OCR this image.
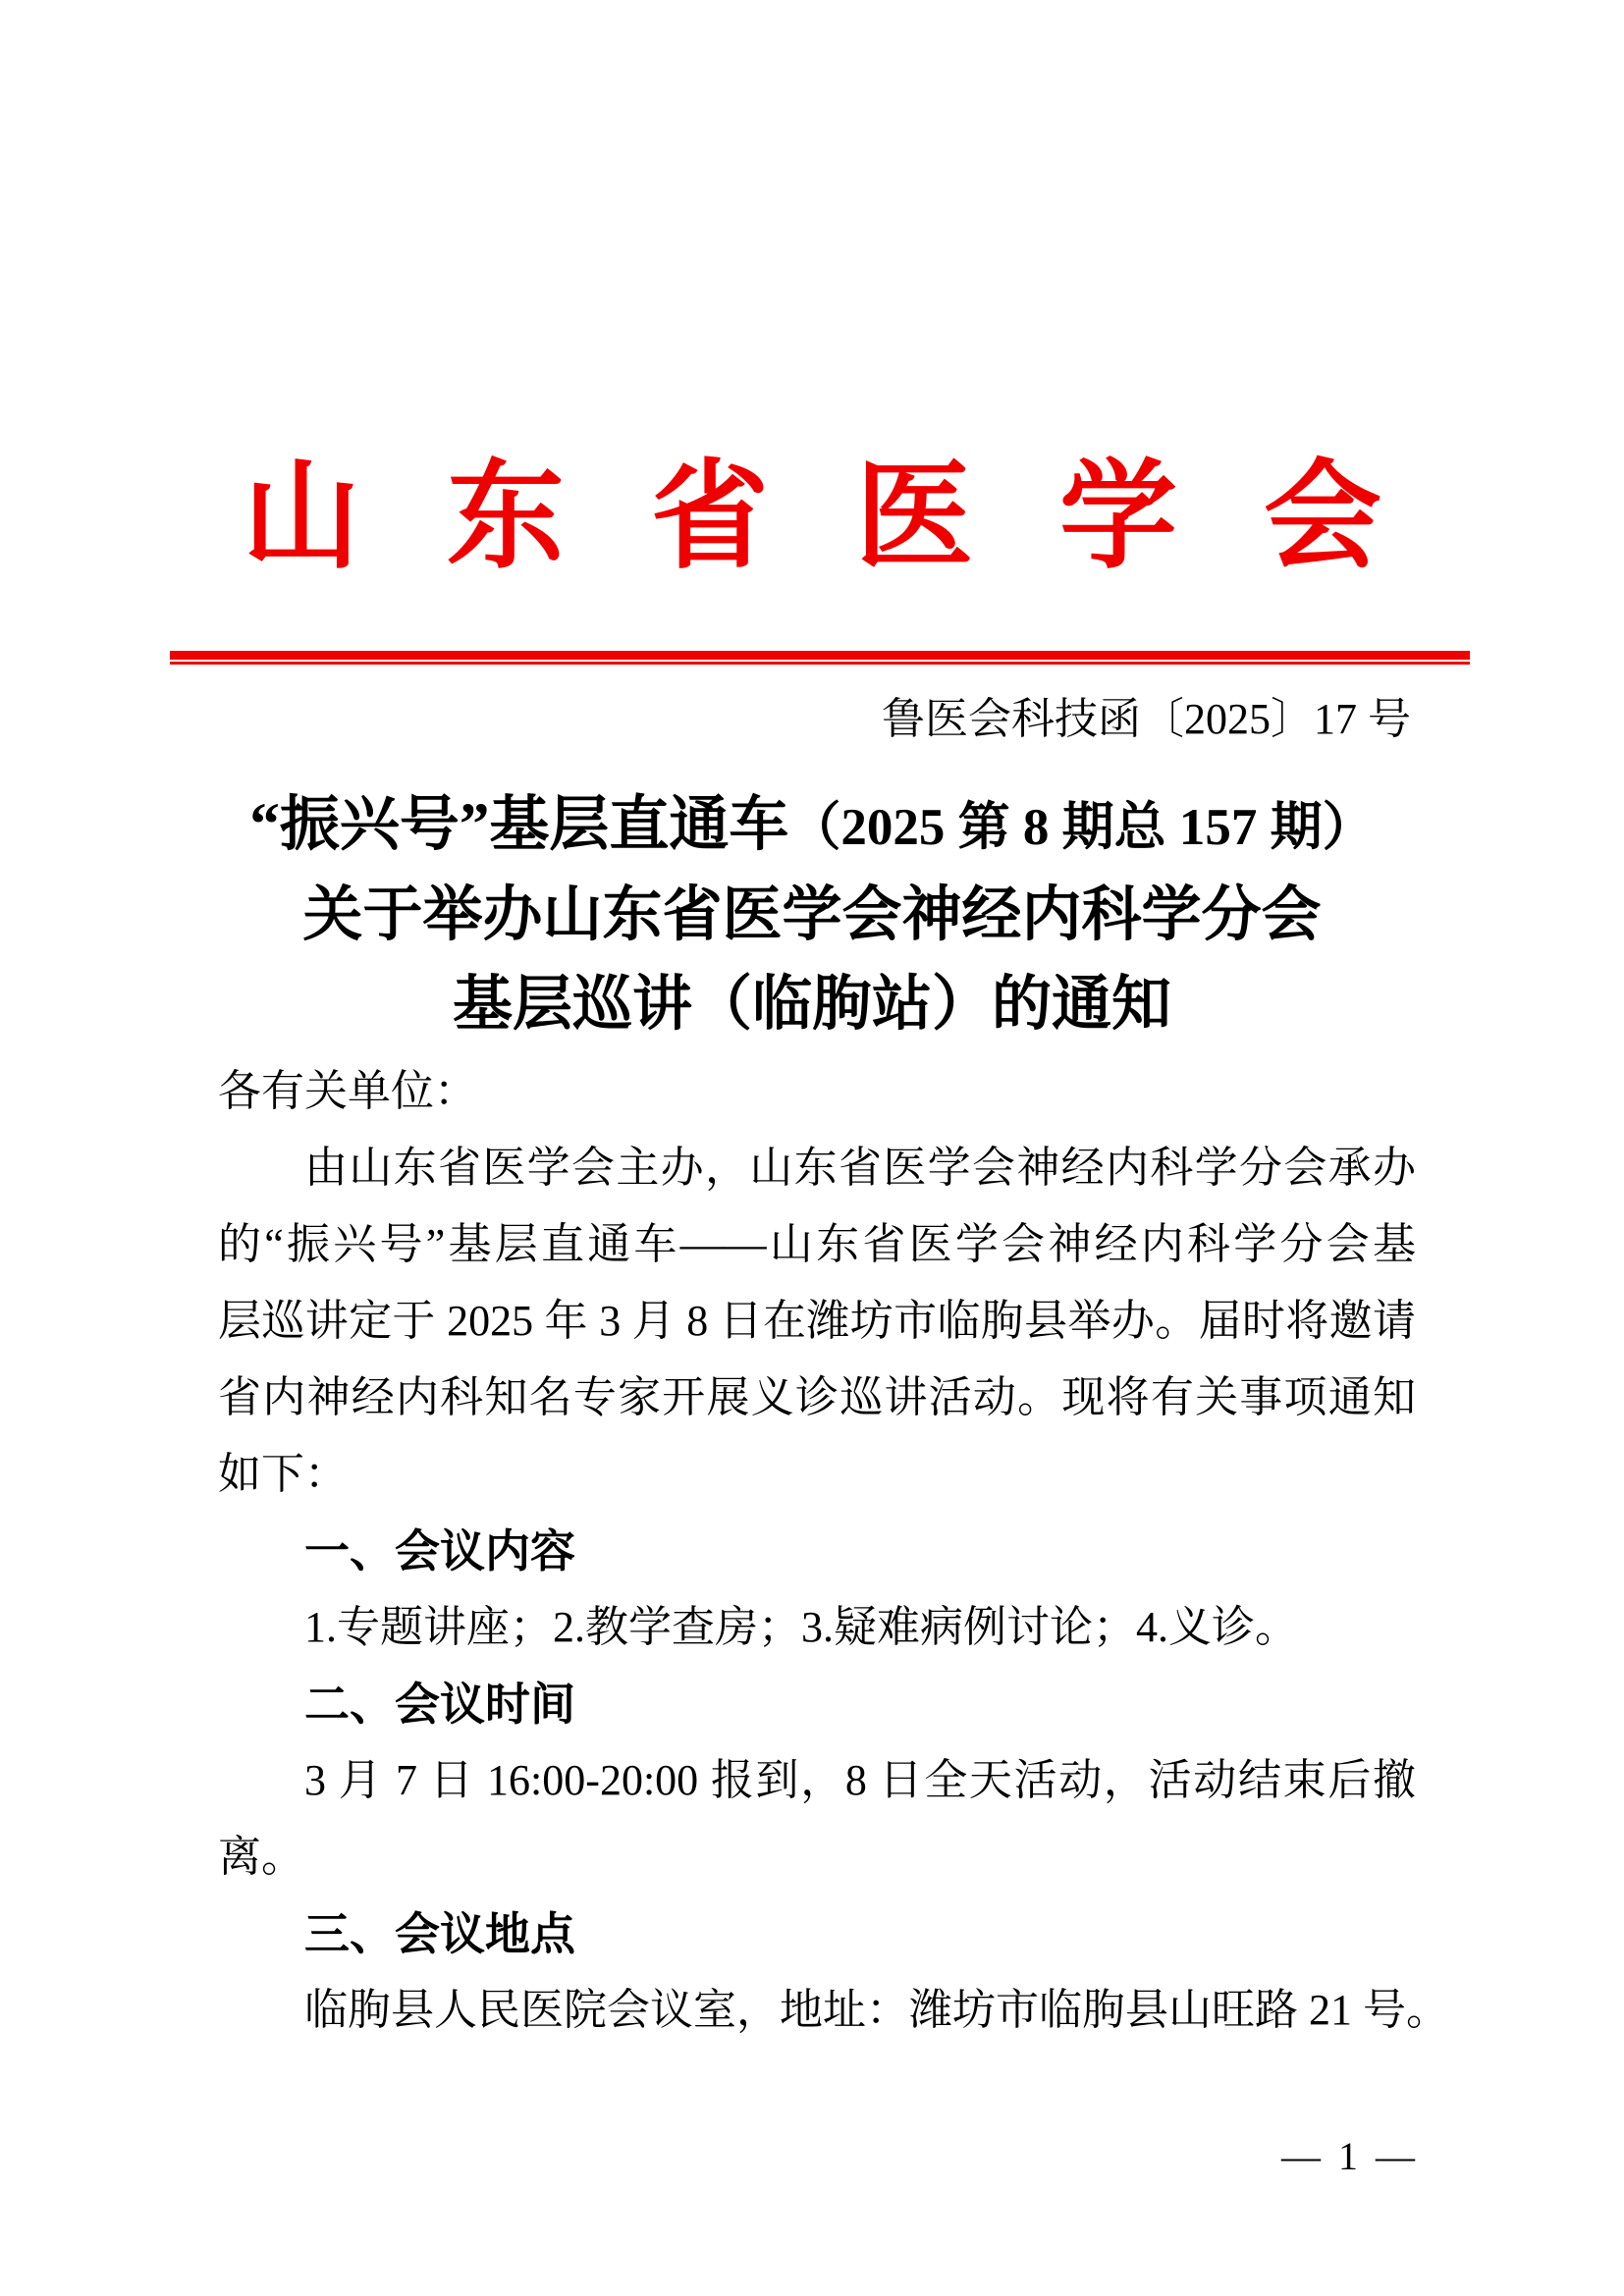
山东省医学会
鲁医会科技函〔2025〕17 号
“振兴号”基层直通车（2025 第 8 期总 157 期）
关于举办山东省医学会神经内科学分会
基层巡讲（临朐站）的通知
各有关单位：
由山东省医学会主办，山东省医学会神经内科学分会承办
的“振兴号”基层直通车——山东省医学会神经内科学分会基
层巡讲定于 2025 年 3 月 8 日在潍坊市临朐县举办。届时将邀请
省内神经内科知名专家开展义诊巡讲活动。现将有关事项通知
如下：
一、会议内容
1.专题讲座；2.教学查房；3.疑难病例讨论；4.义诊。
二、会议时间
3 月 7 日 16:00-20:00 报到，8 日全天活动，活动结束后撤
离。
三、会议地点
临朐县人民医院会议室，地址：潍坊市临朐县山旺路 21 号。
— 1 —
